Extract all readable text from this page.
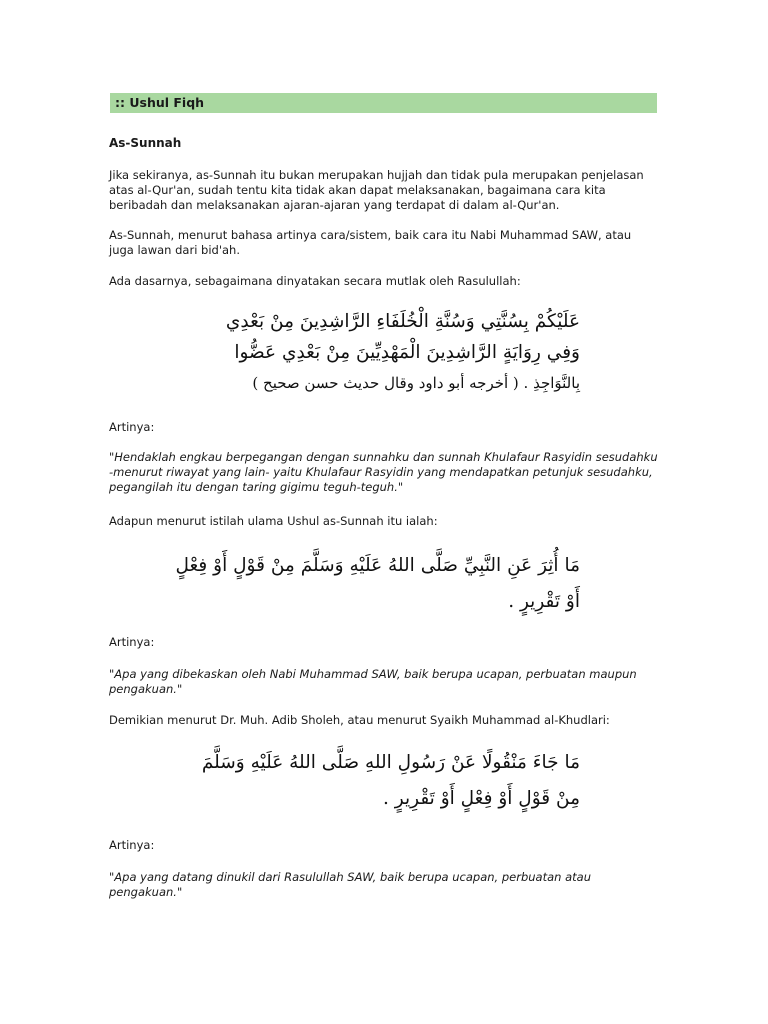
:: Ushul Fiqh

As-Sunnah

Jika sekiranya, as-Sunnah itu bukan merupakan hujjah dan tidak pula merupakan penjelasan atas al-Qur'an, sudah tentu kita tidak akan dapat melaksanakan, bagaimana cara kita beribadah dan melaksanakan ajaran-ajaran yang terdapat di dalam al-Qur'an.

As-Sunnah, menurut bahasa artinya cara/sistem, baik cara itu Nabi Muhammad SAW, atau juga lawan dari bid'ah.

Ada dasarnya, sebagaimana dinyatakan secara mutlak oleh Rasulullah:

عَلَيْكُمْ بِسُنَّتِي وَسُنَّةِ الْخُلَفَاءِ الرَّاشِدِينَ مِنْ بَعْدِي
وَفِي رِوَايَةٍ الرَّاشِدِينَ الْمَهْدِيِّينَ مِنْ بَعْدِي عَضُّوا
بِالنَّوَاجِذِ . ( أخرجه أبو داود وقال حديث حسن صحيح )

Artinya:

"Hendaklah engkau berpegangan dengan sunnahku dan sunnah Khulafaur Rasyidin sesudahku -menurut riwayat yang lain- yaitu Khulafaur Rasyidin yang mendapatkan petunjuk sesudahku, pegangilah itu dengan taring gigimu teguh-teguh."

Adapun menurut istilah ulama Ushul as-Sunnah itu ialah:

مَا أُثِرَ عَنِ النَّبِيِّ صَلَّى اللهُ عَلَيْهِ وَسَلَّمَ مِنْ قَوْلٍ أَوْ فِعْلٍ
أَوْ تَقْرِيرٍ .

Artinya:

"Apa yang dibekaskan oleh Nabi Muhammad SAW, baik berupa ucapan, perbuatan maupun pengakuan."

Demikian menurut Dr. Muh. Adib Sholeh, atau menurut Syaikh Muhammad al-Khudlari:

مَا جَاءَ مَنْقُولًا عَنْ رَسُولِ اللهِ صَلَّى اللهُ عَلَيْهِ وَسَلَّمَ
مِنْ قَوْلٍ أَوْ فِعْلٍ أَوْ تَقْرِيرٍ .

Artinya:

"Apa yang datang dinukil dari Rasulullah SAW, baik berupa ucapan, perbuatan atau pengakuan."
